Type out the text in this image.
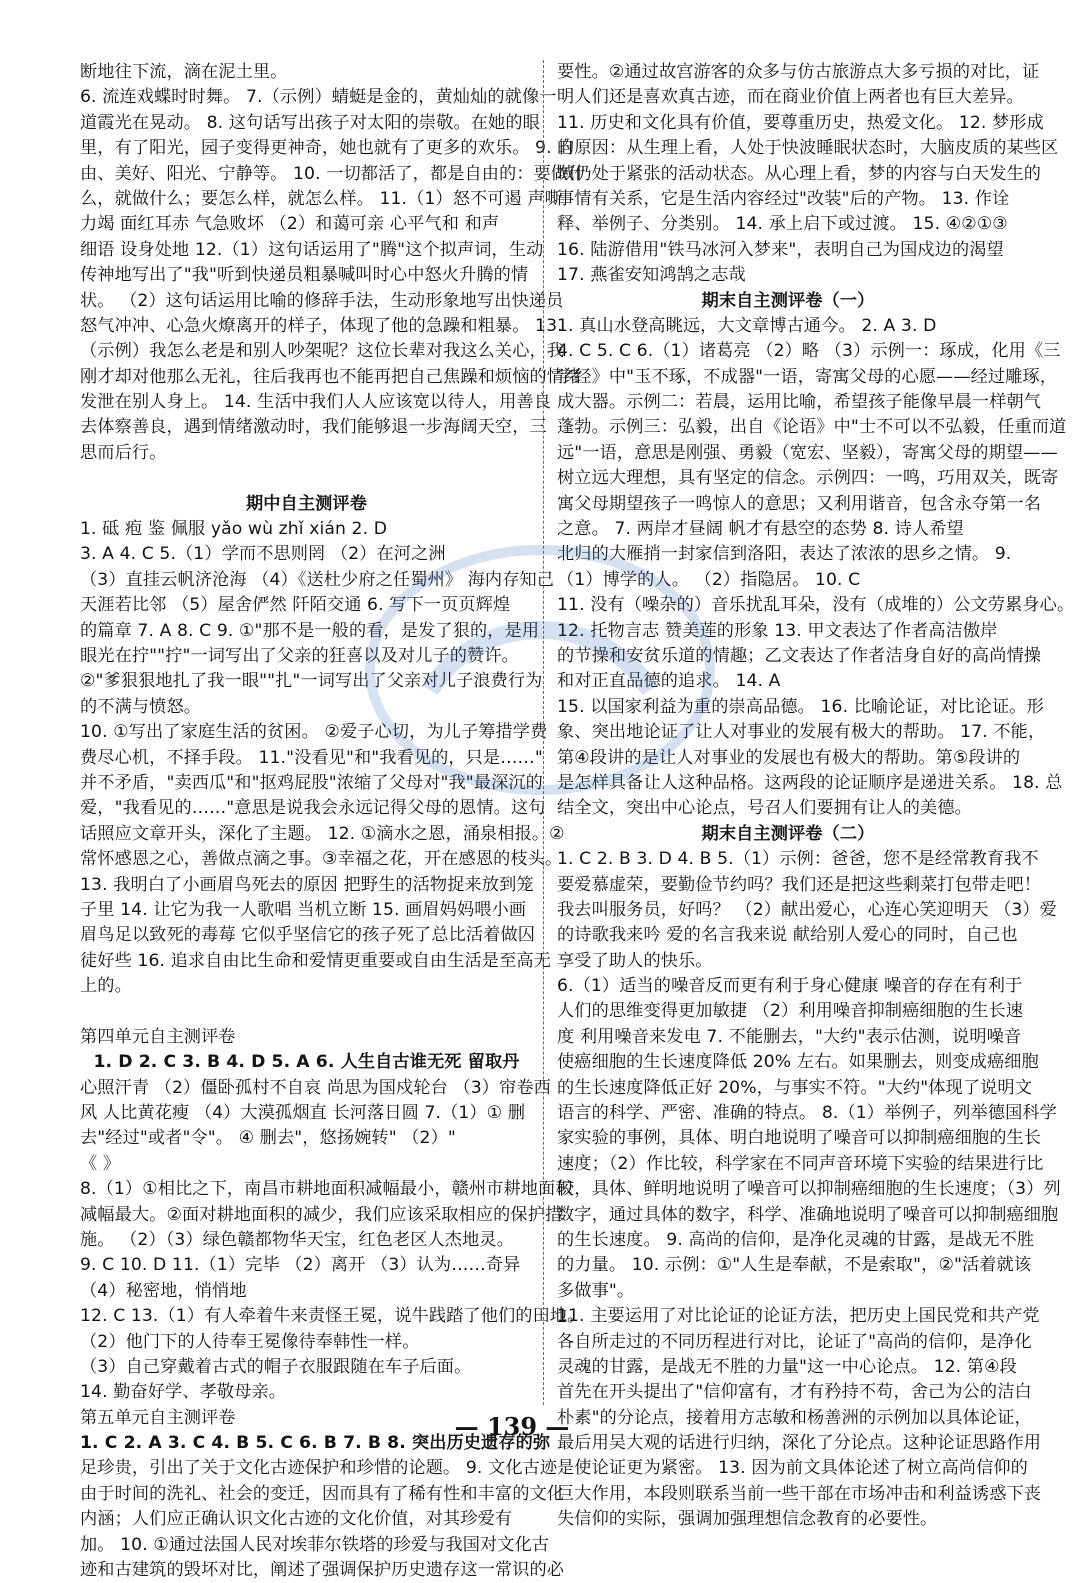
断地往下流，滴在泥土里。
6. 流连戏蝶时时舞。 7.（示例）蜻蜓是金的，黄灿灿的就像一
道霞光在晃动。 8. 这句话写出孩子对太阳的崇敬。在她的眼
里，有了阳光，园子变得更神奇，她也就有了更多的欢乐。 9. 自
由、美好、阳光、宁静等。 10. 一切都活了，都是自由的：要做什
么，就做什么；要怎么样，就怎么样。 11.（1）怒不可遏 声嘶
力竭 面红耳赤 气急败坏 （2）和蔼可亲 心平气和 和声
细语 设身处地 12.（1）这句话运用了"腾"这个拟声词，生动
传神地写出了"我"听到快递员粗暴喊叫时心中怒火升腾的情
状。 （2）这句话运用比喻的修辞手法，生动形象地写出快递员
怒气冲冲、心急火燎离开的样子，体现了他的急躁和粗暴。 13.
（示例）我怎么老是和别人吵架呢？这位长辈对我这么关心，我
刚才却对他那么无礼，往后我再也不能再把自己焦躁和烦恼的情绪
发泄在别人身上。 14. 生活中我们人人应该宽以待人，用善良
去体察善良，遇到情绪激动时，我们能够退一步海阔天空，三
思而后行。
期中自主测评卷
1. 砥 疱 鉴 佩服 yǎo wù zhǐ xián 2. D
3. A 4. C 5.（1）学而不思则罔 （2）在河之洲
（3）直挂云帆济沧海 （4）《送杜少府之任蜀州》 海内存知己
天涯若比邻 （5）屋舍俨然 阡陌交通 6. 写下一页页辉煌
的篇章 7. A 8. C 9. ①"那不是一般的看，是发了狠的，是用
眼光在拧""拧"一词写出了父亲的狂喜以及对儿子的赞许。
②"爹狠狠地扎了我一眼""扎"一词写出了父亲对儿子浪费行为
的不满与愤怒。
10. ①写出了家庭生活的贫困。 ②爱子心切，为儿子筹措学费
费尽心机，不择手段。 11."没看见"和"我看见的，只是……"
并不矛盾，"卖西瓜"和"抠鸡屁股"浓缩了父母对"我"最深沉的
爱，"我看见的……"意思是说我会永远记得父母的恩情。这句
话照应文章开头，深化了主题。 12. ①滴水之恩，涌泉相报。②
常怀感恩之心，善做点滴之事。③幸福之花，开在感恩的枝头。
13. 我明白了小画眉鸟死去的原因 把野生的活物捉来放到笼
子里 14. 让它为我一人歌唱 当机立断 15. 画眉妈妈喂小画
眉鸟足以致死的毒莓 它似乎坚信它的孩子死了总比活着做囚
徒好些 16. 追求自由比生命和爱情更重要或自由生活是至高无
上的。
第四单元自主测评卷
1. D 2. C 3. B 4. D 5. A 6. 人生自古谁无死 留取丹
心照汗青 （2）僵卧孤村不自哀 尚思为国戍轮台 （3）帘卷西
风 人比黄花瘦 （4）大漠孤烟直 长河落日圆 7.（1）① 删
去"经过"或者"令"。 ④ 删去"，悠扬婉转" （2）"
《 》
8.（1）①相比之下，南昌市耕地面积减幅最小，赣州市耕地面积
减幅最大。②面对耕地面积的减少，我们应该采取相应的保护措
施。 （2）（3）绿色赣都物华天宝，红色老区人杰地灵。
9. C 10. D 11.（1）完毕 （2）离开 （3）认为……奇异
（4）秘密地，悄悄地
12. C 13.（1）有人牵着牛来责怪王冕，说牛践踏了他们的田地。
（2）他门下的人待奉王冕像待奉韩性一样。
（3）自己穿戴着古式的帽子衣服跟随在车子后面。
14. 勤奋好学、孝敬母亲。
第五单元自主测评卷
1. C 2. A 3. C 4. B 5. C 6. B 7. B 8. 突出历史遗存的弥
足珍贵，引出了关于文化古迹保护和珍惜的论题。 9. 文化古迹
由于时间的洗礼、社会的变迁，因而具有了稀有性和丰富的文化
内涵；人们应正确认识文化古迹的文化价值，对其珍爱有
加。 10. ①通过法国人民对埃菲尔铁塔的珍爱与我国对文化古
迹和古建筑的毁坏对比，阐述了强调保护历史遗存这一常识的必
要性。②通过故宫游客的众多与仿古旅游点大多亏损的对比，证
明人们还是喜欢真古迹，而在商业价值上两者也有巨大差异。
11. 历史和文化具有价值，要尊重历史，热爱文化。 12. 梦形成
的原因：从生理上看，人处于快波睡眠状态时，大脑皮质的某些区
域仍处于紧张的活动状态。从心理上看，梦的内容与白天发生的
事情有关系，它是生活内容经过"改装"后的产物。 13. 作诠
释、举例子、分类别。 14. 承上启下或过渡。 15. ④②①③
16. 陆游借用"铁马冰河入梦来"，表明自己为国戍边的渴望
17. 燕雀安知鸿鹄之志哉
期末自主测评卷（一）
1. 真山水登高眺远，大文章博古通今。 2. A 3. D
4. C 5. C 6.（1）诸葛亮 （2）略 （3）示例一：琢成，化用《三
字经》中"玉不琢，不成器"一语，寄寓父母的心愿——经过雕琢，
成大器。示例二：若晨，运用比喻，希望孩子能像早晨一样朝气
蓬勃。示例三：弘毅，出自《论语》中"士不可以不弘毅，任重而道
远"一语，意思是刚强、勇毅（宽宏、坚毅），寄寓父母的期望——
树立远大理想，具有坚定的信念。示例四：一鸣，巧用双关，既寄
寓父母期望孩子一鸣惊人的意思；又利用谐音，包含永夺第一名
之意。 7. 两岸才昼阔 帆才有悬空的态势 8. 诗人希望
北归的大雁捎一封家信到洛阳，表达了浓浓的思乡之情。 9.
（1）博学的人。 （2）指隐居。 10. C
11. 没有（噪杂的）音乐扰乱耳朵，没有（成堆的）公文劳累身心。
12. 托物言志 赞美莲的形象 13. 甲文表达了作者高洁傲岸
的节操和安贫乐道的情趣；乙文表达了作者洁身自好的高尚情操
和对正直品德的追求。 14. A
15. 以国家利益为重的崇高品德。 16. 比喻论证，对比论证。形
象、突出地论证了让人对事业的发展有极大的帮助。 17. 不能，
第④段讲的是让人对事业的发展也有极大的帮助。第⑤段讲的
是怎样具备让人这种品格。这两段的论证顺序是递进关系。 18. 总
结全文，突出中心论点，号召人们要拥有让人的美德。
期末自主测评卷（二）
1. C 2. B 3. D 4. B 5.（1）示例：爸爸，您不是经常教育我不
要爱慕虚荣，要勤俭节约吗？我们还是把这些剩菜打包带走吧！
我去叫服务员，好吗？ （2）献出爱心，心连心笑迎明天 （3）爱
的诗歌我来吟 爱的名言我来说 献给别人爱心的同时，自己也
享受了助人的快乐。
6.（1）适当的噪音反而更有利于身心健康 噪音的存在有利于
人们的思维变得更加敏捷 （2）利用噪音抑制癌细胞的生长速
度 利用噪音来发电 7. 不能删去，"大约"表示估测，说明噪音
使癌细胞的生长速度降低 20% 左右。如果删去，则变成癌细胞
的生长速度降低正好 20%，与事实不符。"大约"体现了说明文
语言的科学、严密、准确的特点。 8.（1）举例子，列举德国科学
家实验的事例，具体、明白地说明了噪音可以抑制癌细胞的生长
速度；（2）作比较，科学家在不同声音环境下实验的结果进行比
较，具体、鲜明地说明了噪音可以抑制癌细胞的生长速度；（3）列
数字，通过具体的数字，科学、准确地说明了噪音可以抑制癌细胞
的生长速度。 9. 高尚的信仰，是净化灵魂的甘露，是战无不胜
的力量。 10. 示例：①"人生是奉献，不是索取"，②"活着就该
多做事"。
11. 主要运用了对比论证的论证方法，把历史上国民党和共产党
各自所走过的不同历程进行对比，论证了"高尚的信仰，是净化
灵魂的甘露，是战无不胜的力量"这一中心论点。 12. 第④段
首先在开头提出了"信仰富有，才有矜持不苟，舍己为公的洁白
朴素"的分论点，接着用方志敏和杨善洲的示例加以具体论证，
最后用吴大观的话进行归纳，深化了分论点。这种论证思路作用
是使论证更为紧密。 13. 因为前文具体论述了树立高尚信仰的
巨大作用，本段则联系当前一些干部在市场冲击和利益诱惑下丧
失信仰的实际，强调加强理想信念教育的必要性。
— 139 —
